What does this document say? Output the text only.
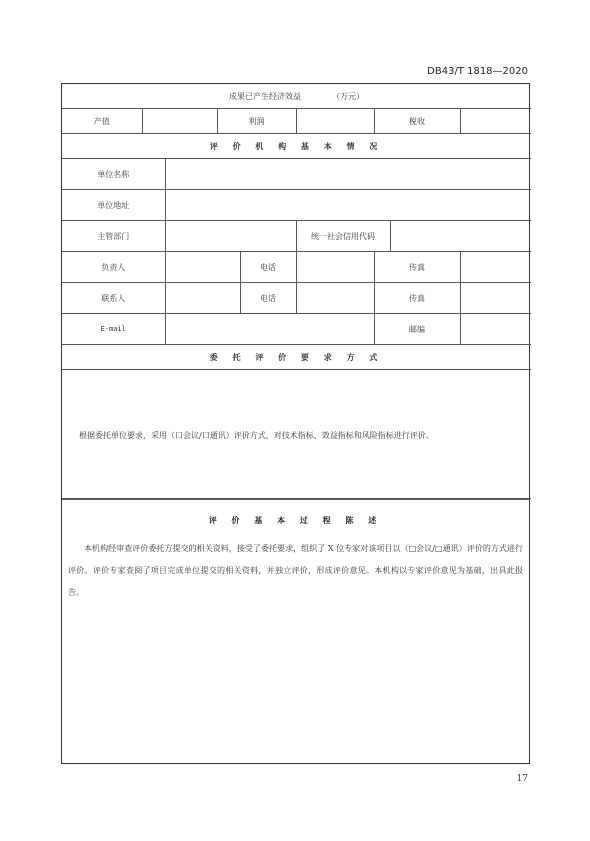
DB43/T 1818—2020
成果已产生经济效益 （万元）								
产值			利润			税收		
评 价 机 构 基 本 情 况								
单位名称								
单位地址								
主管部门					统一社会信用代码			
负责人				电话		传真		
联系人				电话		传真		
E-mail						邮编		
委 托 评 价 要 求 方 式								

根据委托单位要求，采用（口会议/口通讯）评价方式，对技术指标、效益指标和风险指标进行评价。								
评 价 基 本 过 程 陈 述
本机构经审查评价委托方提交的相关资料，接受了委托要求，组织了 X 位专家对该项目以（□会议/□通讯）评价的方式进行评价。评价专家查阅了项目完成单位提交的相关资料，并独立评价，形成评价意见。本机构以专家评价意见为基础，出具此报告。
17
